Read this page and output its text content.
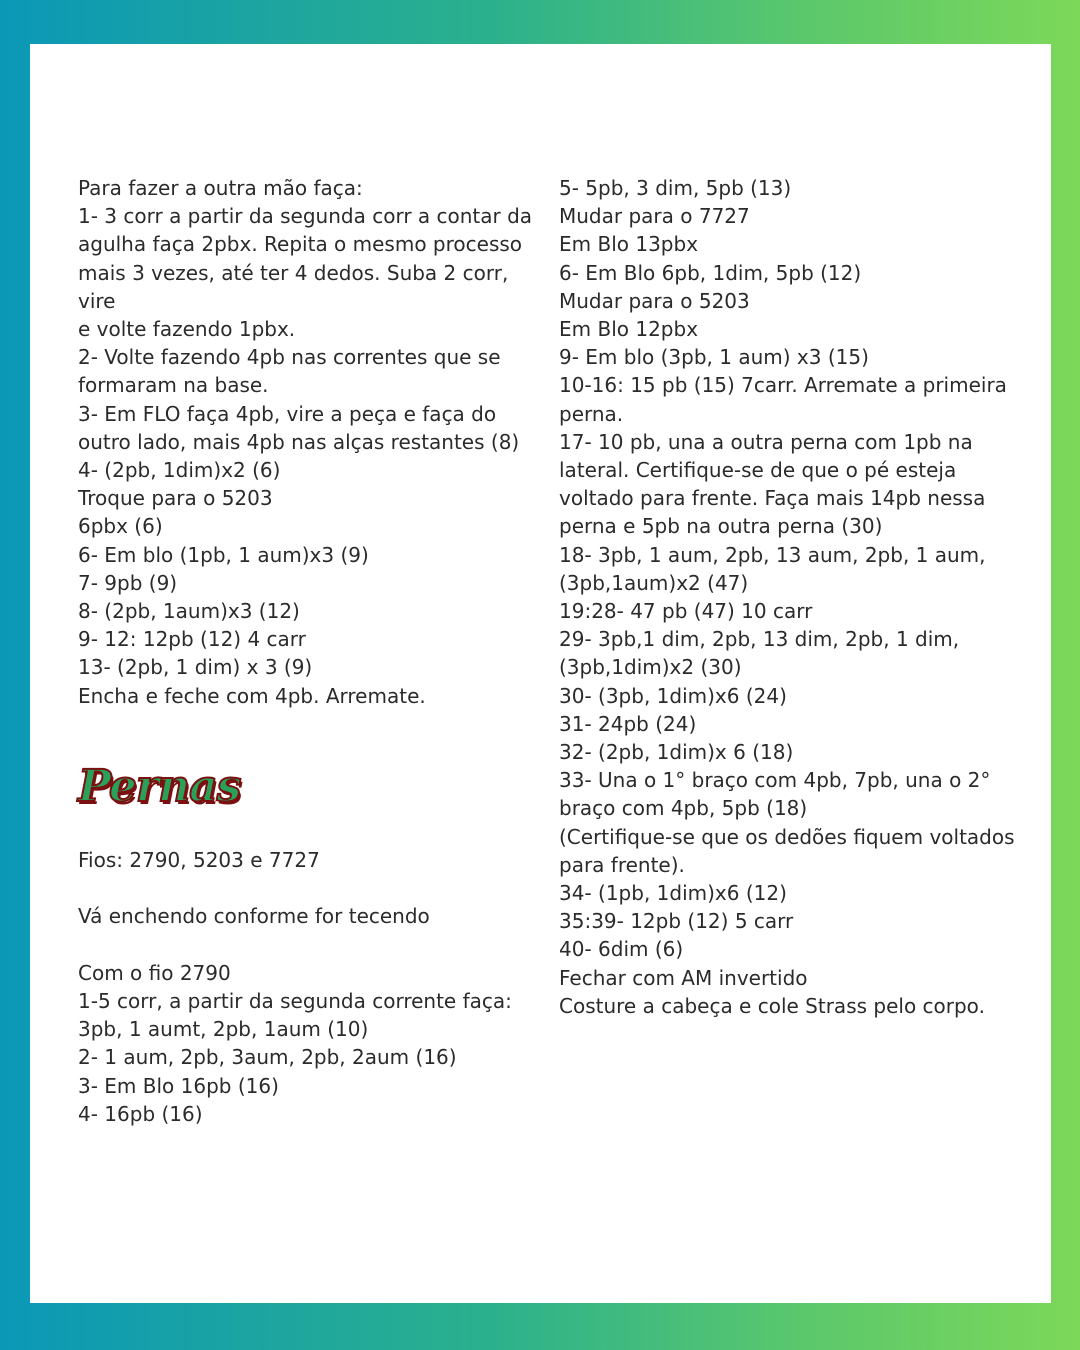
Para fazer a outra mão faça:
1- 3 corr a partir da segunda corr a contar da
agulha faça 2pbx. Repita o mesmo processo
mais 3 vezes, até ter 4 dedos. Suba 2 corr, vire
e volte fazendo 1pbx.
2- Volte fazendo 4pb nas correntes que se
formaram na base.
3- Em FLO faça 4pb, vire a peça e faça do
outro lado, mais 4pb nas alças restantes (8)
4- (2pb, 1dim)x2 (6)
Troque para o 5203
6pbx (6)
6- Em blo (1pb, 1 aum)x3 (9)
7- 9pb (9)
8- (2pb, 1aum)x3 (12)
9- 12: 12pb (12) 4 carr
13- (2pb, 1 dim) x 3 (9)
Encha e feche com 4pb. Arremate.
Pernas
Fios: 2790, 5203 e 7727
Vá enchendo conforme for tecendo
Com o fio 2790
1-5 corr, a partir da segunda corrente faça:
3pb, 1 aumt, 2pb, 1aum (10)
2- 1 aum, 2pb, 3aum, 2pb, 2aum (16)
3- Em Blo 16pb (16)
4- 16pb (16)
5- 5pb, 3 dim, 5pb (13)
Mudar para o 7727
Em Blo 13pbx
6- Em Blo 6pb, 1dim, 5pb (12)
Mudar para o 5203
Em Blo 12pbx
9- Em blo (3pb, 1 aum) x3 (15)
10-16: 15 pb (15) 7carr. Arremate a primeira
perna.
17- 10 pb, una a outra perna com 1pb na
lateral. Certifique-se de que o pé esteja
voltado para frente. Faça mais 14pb nessa
perna e 5pb na outra perna (30)
18- 3pb, 1 aum, 2pb, 13 aum, 2pb, 1 aum,
(3pb,1aum)x2 (47)
19:28- 47 pb (47) 10 carr
29- 3pb,1 dim, 2pb, 13 dim, 2pb, 1 dim,
(3pb,1dim)x2 (30)
30- (3pb, 1dim)x6 (24)
31- 24pb (24)
32- (2pb, 1dim)x 6 (18)
33- Una o 1° braço com 4pb, 7pb, una o 2°
braço com 4pb, 5pb (18)
(Certifique-se que os dedões fiquem voltados
para frente).
34- (1pb, 1dim)x6 (12)
35:39- 12pb (12) 5 carr
40- 6dim (6)
Fechar com AM invertido
Costure a cabeça e cole Strass pelo corpo.
